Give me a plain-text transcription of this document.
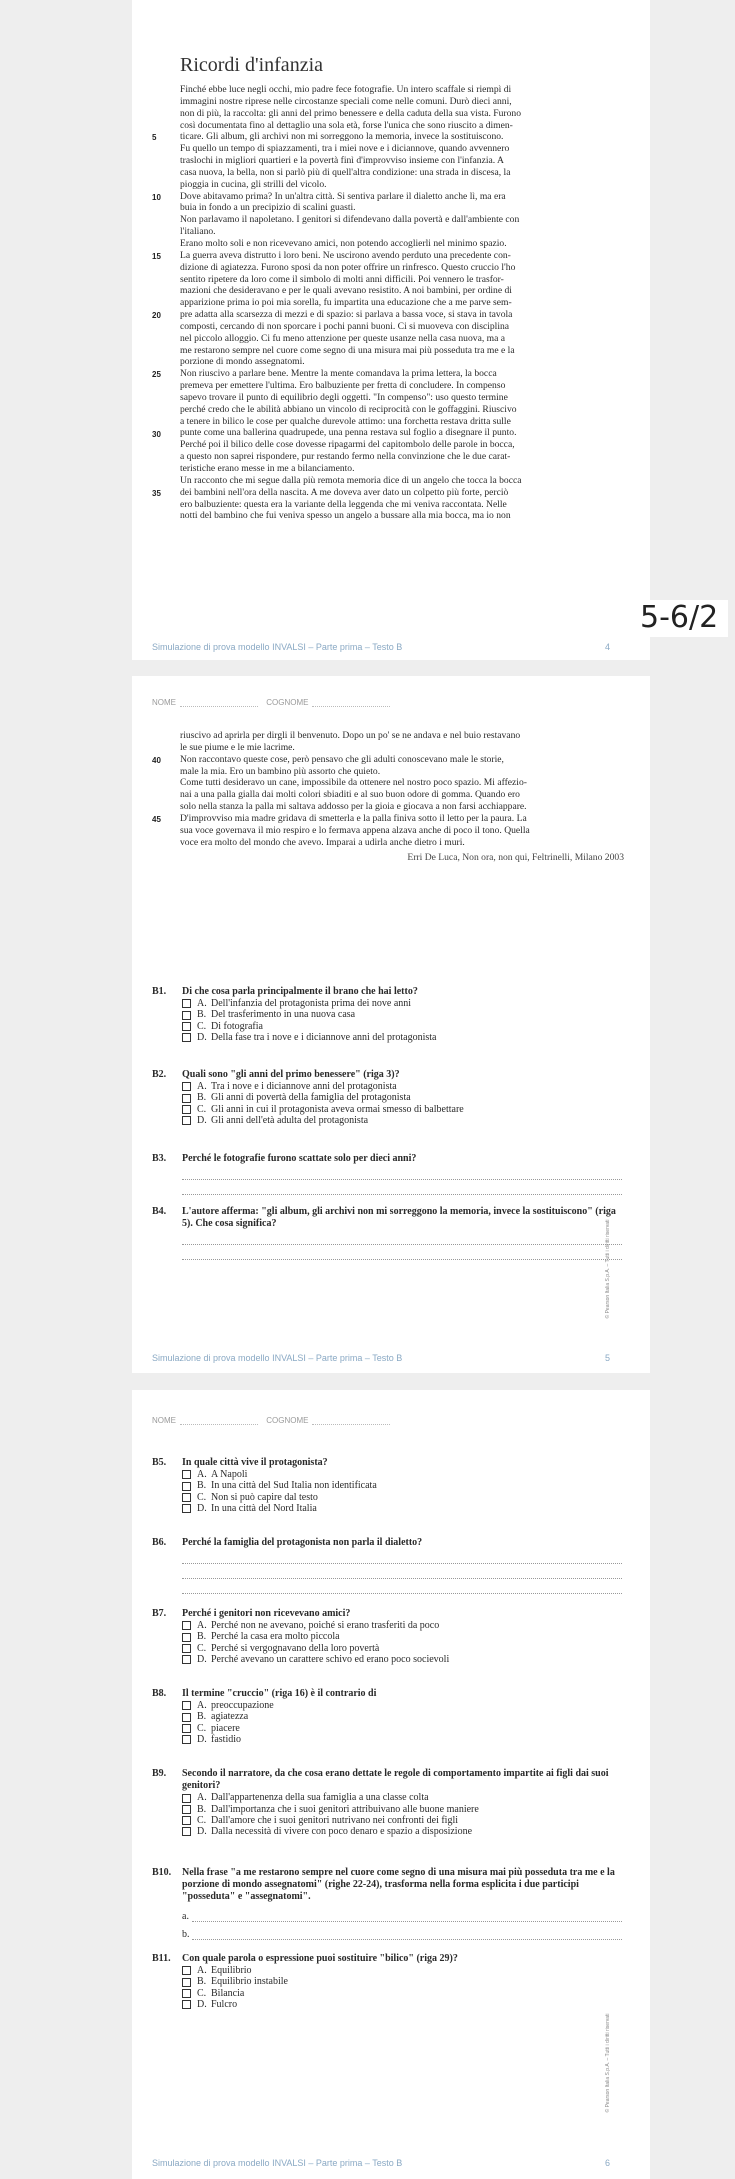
Ricordi d'infanzia
Finché ebbe luce negli occhi, mio padre fece fotografie. Un intero scaffale si riempì di
immagini nostre riprese nelle circostanze speciali come nelle comuni. Durò dieci anni,
non di più, la raccolta: gli anni del primo benessere e della caduta della sua vista. Furono
così documentata fino al dettaglio una sola età, forse l'unica che sono riuscito a dimen-
ticare. Gli album, gli archivi non mi sorreggono la memoria, invece la sostituiscono.
Fu quello un tempo di spiazzamenti, tra i miei nove e i diciannove, quando avvennero
traslochi in migliori quartieri e la povertà finì d'improvviso insieme con l'infanzia. A
casa nuova, la bella, non si parlò più di quell'altra condizione: una strada in discesa, la
pioggia in cucina, gli strilli del vicolo.
Dove abitavamo prima? In un'altra città. Si sentiva parlare il dialetto anche lì, ma era
buia in fondo a un precipizio di scalini guasti.
Non parlavamo il napoletano. I genitori si difendevano dalla povertà e dall'ambiente con
l'italiano.
Erano molto soli e non ricevevano amici, non potendo accoglierli nel minimo spazio.
La guerra aveva distrutto i loro beni. Ne uscirono avendo perduto una precedente con-
dizione di agiatezza. Furono sposi da non poter offrire un rinfresco. Questo cruccio l'ho
sentito ripetere da loro come il simbolo di molti anni difficili. Poi vennero le trasfor-
mazioni che desideravano e per le quali avevano resistito. A noi bambini, per ordine di
apparizione prima io poi mia sorella, fu impartita una educazione che a me parve sem-
pre adatta alla scarsezza di mezzi e di spazio: si parlava a bassa voce, si stava in tavola
composti, cercando di non sporcare i pochi panni buoni. Ci si muoveva con disciplina
nel piccolo alloggio. Ci fu meno attenzione per queste usanze nella casa nuova, ma a
me restarono sempre nel cuore come segno di una misura mai più posseduta tra me e la
porzione di mondo assegnatomi.
Non riuscivo a parlare bene. Mentre la mente comandava la prima lettera, la bocca
premeva per emettere l'ultima. Ero balbuziente per fretta di concludere. In compenso
sapevo trovare il punto di equilibrio degli oggetti. "In compenso": uso questo termine
perché credo che le abilità abbiano un vincolo di reciprocità con le goffaggini. Riuscivo
a tenere in bilico le cose per qualche durevole attimo: una forchetta restava dritta sulle
punte come una ballerina quadrupede, una penna restava sul foglio a disegnare il punto.
Perché poi il bilico delle cose dovesse ripagarmi del capitombolo delle parole in bocca,
a questo non saprei rispondere, pur restando fermo nella convinzione che le due carat-
teristiche erano messe in me a bilanciamento.
Un racconto che mi segue dalla più remota memoria dice di un angelo che tocca la bocca
dei bambini nell'ora della nascita. A me doveva aver dato un colpetto più forte, perciò
ero balbuziente: questa era la variante della leggenda che mi veniva raccontata. Nelle
notti del bambino che fui veniva spesso un angelo a bussare alla mia bocca, ma io non
5
10
15
20
25
30
35
Simulazione di prova modello INVALSI – Parte prima – Testo B	4
5-6/2
NOME	COGNOME
riuscivo ad aprirla per dirgli il benvenuto. Dopo un po' se ne andava e nel buio restavano
le sue piume e le mie lacrime.
Non raccontavo queste cose, però pensavo che gli adulti conoscevano male le storie,
male la mia. Ero un bambino più assorto che quieto.
Come tutti desideravo un cane, impossibile da ottenere nel nostro poco spazio. Mi affezio-
nai a una palla gialla dai molti colori sbiaditi e al suo buon odore di gomma. Quando ero
solo nella stanza la palla mi saltava addosso per la gioia e giocava a non farsi acchiappare.
D'improvviso mia madre gridava di smetterla e la palla finiva sotto il letto per la paura. La
sua voce governava il mio respiro e lo fermava appena alzava anche di poco il tono. Quella
voce era molto del mondo che avevo. Imparai a udirla anche dietro i muri.
40
45
Erri De Luca, Non ora, non qui, Feltrinelli, Milano 2003
B1.	Di che cosa parla principalmente il brano che hai letto?
A. Dell'infanzia del protagonista prima dei nove anni
B. Del trasferimento in una nuova casa
C. Di fotografia
D. Della fase tra i nove e i diciannove anni del protagonista
B2.	Quali sono "gli anni del primo benessere" (riga 3)?
A. Tra i nove e i diciannove anni del protagonista
B. Gli anni di povertà della famiglia del protagonista
C. Gli anni in cui il protagonista aveva ormai smesso di balbettare
D. Gli anni dell'età adulta del protagonista
B3.	Perché le fotografie furono scattate solo per dieci anni?
B4.	L'autore afferma: "gli album, gli archivi non mi sorreggono la memoria, invece la sostituiscono" (riga 5). Che cosa significa?
Simulazione di prova modello INVALSI – Parte prima – Testo B	5
© Pearson Italia S.p.A. – Tutti i diritti riservati
NOME	COGNOME
B5.	In quale città vive il protagonista?
A. A Napoli
B. In una città del Sud Italia non identificata
C. Non si può capire dal testo
D. In una città del Nord Italia
B6.	Perché la famiglia del protagonista non parla il dialetto?
B7.	Perché i genitori non ricevevano amici?
A. Perché non ne avevano, poiché si erano trasferiti da poco
B. Perché la casa era molto piccola
C. Perché si vergognavano della loro povertà
D. Perché avevano un carattere schivo ed erano poco socievoli
B8.	Il termine "cruccio" (riga 16) è il contrario di
A. preoccupazione
B. agiatezza
C. piacere
D. fastidio
B9.	Secondo il narratore, da che cosa erano dettate le regole di comportamento impartite ai figli dai suoi genitori?
A. Dall'appartenenza della sua famiglia a una classe colta
B. Dall'importanza che i suoi genitori attribuivano alle buone maniere
C. Dall'amore che i suoi genitori nutrivano nei confronti dei figli
D. Dalla necessità di vivere con poco denaro e spazio a disposizione
B10.	Nella frase "a me restarono sempre nel cuore come segno di una misura mai più posseduta tra me e la porzione di mondo assegnatomi" (righe 22-24), trasforma nella forma esplicita i due participi "posseduta" e "assegnatomi".
a.
b.
B11.	Con quale parola o espressione puoi sostituire "bilico" (riga 29)?
A. Equilibrio
B. Equilibrio instabile
C. Bilancia
D. Fulcro
Simulazione di prova modello INVALSI – Parte prima – Testo B	6
© Pearson Italia S.p.A. – Tutti i diritti riservati
